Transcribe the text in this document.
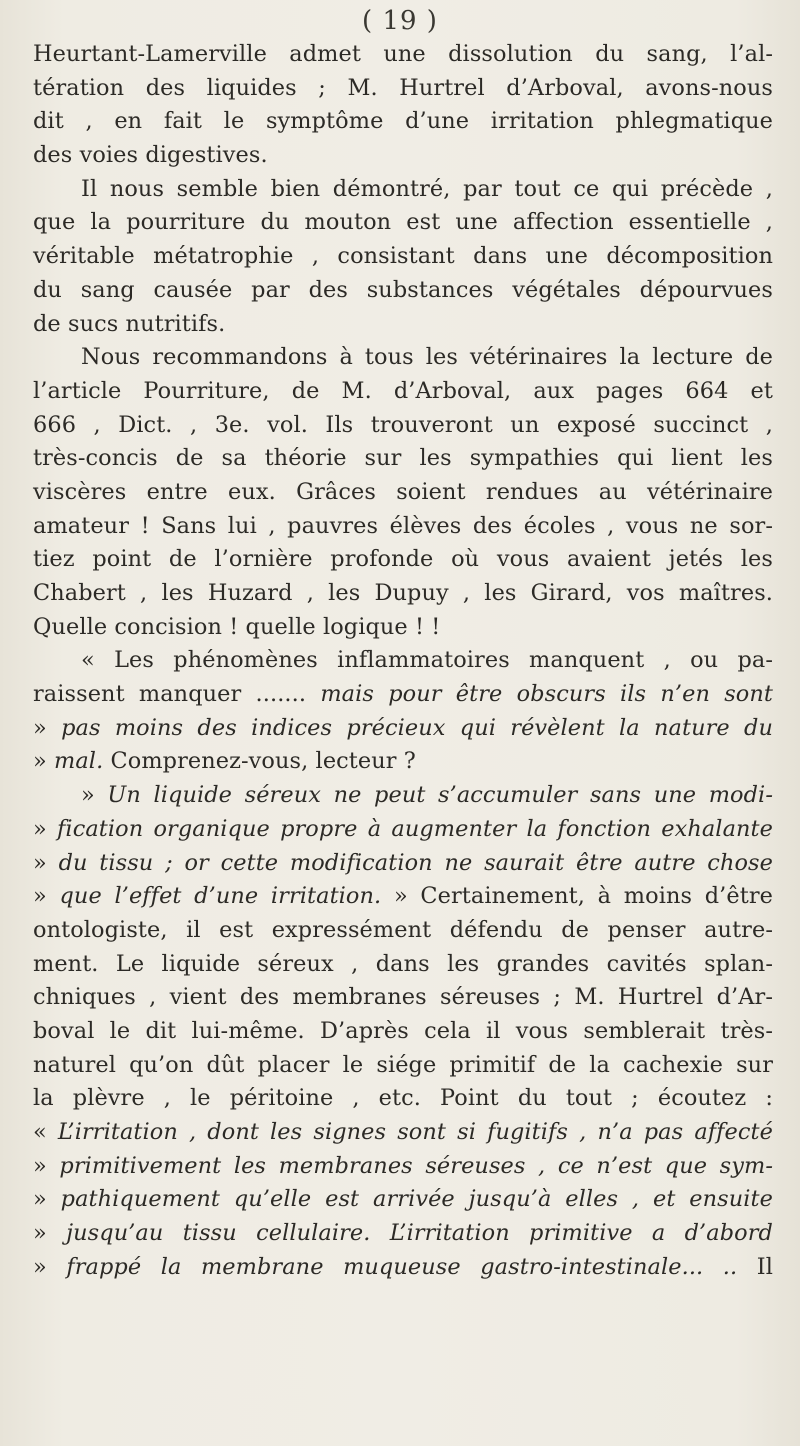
( 19 )
Heurtant-Lamerville admet une dissolution du sang, l’al-
tération des liquides ; M. Hurtrel d’Arboval, avons-nous
dit , en fait le symptôme d’une irritation phlegmatique
des voies digestives.
Il nous semble bien démontré, par tout ce qui précède ,
que la pourriture du mouton est une affection essentielle ,
véritable métatrophie , consistant dans une décomposition
du sang causée par des substances végétales dépourvues
de sucs nutritifs.
Nous recommandons à tous les vétérinaires la lecture de
l’article Pourriture, de M. d’Arboval, aux pages 664 et
666 , Dict. , 3e. vol. Ils trouveront un exposé succinct ,
très-concis de sa théorie sur les sympathies qui lient les
viscères entre eux. Grâces soient rendues au vétérinaire
amateur ! Sans lui , pauvres élèves des écoles , vous ne sor-
tiez point de l’ornière profonde où vous avaient jetés les
Chabert , les Huzard , les Dupuy , les Girard, vos maîtres.
Quelle concision ! quelle logique ! !
« Les phénomènes inflammatoires manquent , ou pa-
raissent manquer ....... mais pour être obscurs ils n’en sont
» pas moins des indices précieux qui révèlent la nature du
» mal. Comprenez-vous, lecteur ?
» Un liquide séreux ne peut s’accumuler sans une modi-
» fication organique propre à augmenter la fonction exhalante
» du tissu ; or cette modification ne saurait être autre chose
» que l’effet d’une irritation. » Certainement, à moins d’être
ontologiste, il est expressément défendu de penser autre-
ment. Le liquide séreux , dans les grandes cavités splan-
chniques , vient des membranes séreuses ; M. Hurtrel d’Ar-
boval le dit lui-même. D’après cela il vous semblerait très-
naturel qu’on dût placer le siége primitif de la cachexie sur
la plèvre , le péritoine , etc. Point du tout ; écoutez :
« L’irritation , dont les signes sont si fugitifs , n’a pas affecté
» primitivement les membranes séreuses , ce n’est que sym-
» pathiquement qu’elle est arrivée jusqu’à elles , et ensuite
» jusqu’au tissu cellulaire. L’irritation primitive a d’abord
» frappé la membrane muqueuse gastro-intestinale... .. Il
